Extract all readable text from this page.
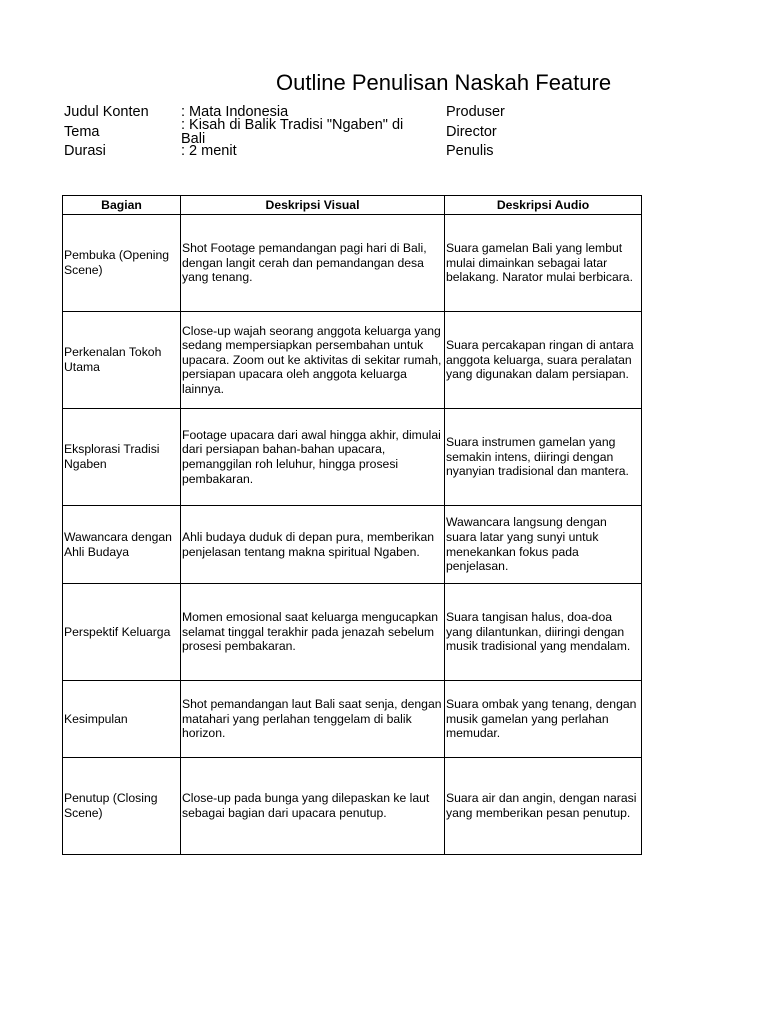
Outline Penulisan Naskah Feature
Judul Konten : Mata Indonesia
Tema	: Kisah di Balik Tradisi "Ngaben" di Bali
Durasi	: 2 menit
Produser
Director
Penulis
Bagian	Deskripsi Visual	Deskripsi Audio
Pembuka (Opening Scene)	Shot Footage pemandangan pagi hari di Bali, dengan langit cerah dan pemandangan desa yang tenang.	Suara gamelan Bali yang lembut mulai dimainkan sebagai latar belakang. Narator mulai berbicara.
Perkenalan Tokoh Utama	Close-up wajah seorang anggota keluarga yang sedang mempersiapkan persembahan untuk upacara. Zoom out ke aktivitas di sekitar rumah, persiapan upacara oleh anggota keluarga lainnya.	Suara percakapan ringan di antara anggota keluarga, suara peralatan yang digunakan dalam persiapan.
Eksplorasi Tradisi Ngaben	Footage upacara dari awal hingga akhir, dimulai dari persiapan bahan-bahan upacara, pemanggilan roh leluhur, hingga prosesi pembakaran.	Suara instrumen gamelan yang semakin intens, diiringi dengan nyanyian tradisional dan mantera.
Wawancara dengan Ahli Budaya	Ahli budaya duduk di depan pura, memberikan penjelasan tentang makna spiritual Ngaben.	Wawancara langsung dengan suara latar yang sunyi untuk menekankan fokus pada penjelasan.
Perspektif Keluarga	Momen emosional saat keluarga mengucapkan selamat tinggal terakhir pada jenazah sebelum prosesi pembakaran.	Suara tangisan halus, doa-doa yang dilantunkan, diiringi dengan musik tradisional yang mendalam.
Kesimpulan	Shot pemandangan laut Bali saat senja, dengan matahari yang perlahan tenggelam di balik horizon.	Suara ombak yang tenang, dengan musik gamelan yang perlahan memudar.
Penutup (Closing Scene)	Close-up pada bunga yang dilepaskan ke laut sebagai bagian dari upacara penutup.	Suara air dan angin, dengan narasi yang memberikan pesan penutup.
